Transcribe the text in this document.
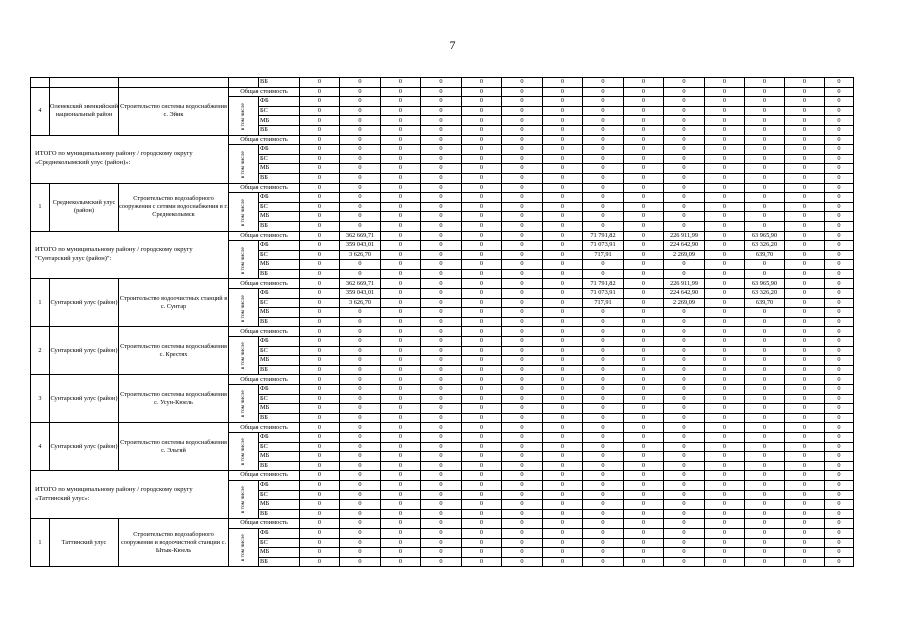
7
				ВБ	0	0	0	0	0	0	0	0	0	0	0	0	0	0
4	Оленекский эвенкийский национальный район	Строительство системы водоснабжения с. Эйик	Общая стоимость		0	0	0	0	0	0	0	0	0	0	0	0	0	0
			в том числе	ФБ	0	0	0	0	0	0	0	0	0	0	0	0	0	0
				БС	0	0	0	0	0	0	0	0	0	0	0	0	0	0
				МБ	0	0	0	0	0	0	0	0	0	0	0	0	0	0
				ВБ	0	0	0	0	0	0	0	0	0	0	0	0	0	0
ИТОГО по муниципальному району / городскому округу «Среднеколымский улус (район)»:			Общая стоимость		0	0	0	0	0	0	0	0	0	0	0	0	0	0
			в том числе	ФБ	0	0	0	0	0	0	0	0	0	0	0	0	0	0
				БС	0	0	0	0	0	0	0	0	0	0	0	0	0	0
				МБ	0	0	0	0	0	0	0	0	0	0	0	0	0	0
				ВБ	0	0	0	0	0	0	0	0	0	0	0	0	0	0
1	Среднеколымский улус (район)	Строительство водозаборного сооружения с сетями водоснабжения в г. Среднеколымск	Общая стоимость		0	0	0	0	0	0	0	0	0	0	0	0	0	0
			в том числе	ФБ	0	0	0	0	0	0	0	0	0	0	0	0	0	0
				БС	0	0	0	0	0	0	0	0	0	0	0	0	0	0
				МБ	0	0	0	0	0	0	0	0	0	0	0	0	0	0
				ВБ	0	0	0	0	0	0	0	0	0	0	0	0	0	0
ИТОГО по муниципальному району / городскому округу "Сунтарский улус (район)":			Общая стоимость		0	362 669,71	0	0	0	0	0	71 791,82	0	226 911,99	0	63 965,90	0	0
			в том числе	ФБ	0	359 043,01	0	0	0	0	0	71 073,91	0	224 642,90	0	63 326,20	0	0
				БС	0	3 626,70	0	0	0	0	0	717,91	0	2 269,09	0	639,70	0	0
				МБ	0	0	0	0	0	0	0	0	0	0	0	0	0	0
				ВБ	0	0	0	0	0	0	0	0	0	0	0	0	0	0
1	Сунтарский улус (район)	Строительство водоочистных станций в с. Сунтар	Общая стоимость		0	362 669,71	0	0	0	0	0	71 791,82	0	226 911,99	0	63 965,90	0	0
			в том числе	ФБ	0	359 043,01	0	0	0	0	0	71 073,91	0	224 642,90	0	63 326,20	0	0
				БС	0	3 626,70	0	0	0	0	0	717,91	0	2 269,09	0	639,70	0	0
				МБ	0	0	0	0	0	0	0	0	0	0	0	0	0	0
				ВБ	0	0	0	0	0	0	0	0	0	0	0	0	0	0
2	Сунтарский улус (район)	Строительство системы водоснабжения с. Крестях	Общая стоимость		0	0	0	0	0	0	0	0	0	0	0	0	0	0
			в том числе	ФБ	0	0	0	0	0	0	0	0	0	0	0	0	0	0
				БС	0	0	0	0	0	0	0	0	0	0	0	0	0	0
				МБ	0	0	0	0	0	0	0	0	0	0	0	0	0	0
				ВБ	0	0	0	0	0	0	0	0	0	0	0	0	0	0
3	Сунтарский улус (район)	Строительство системы водоснабжения с. Усун-Кюель	Общая стоимость		0	0	0	0	0	0	0	0	0	0	0	0	0	0
			в том числе	ФБ	0	0	0	0	0	0	0	0	0	0	0	0	0	0
				БС	0	0	0	0	0	0	0	0	0	0	0	0	0	0
				МБ	0	0	0	0	0	0	0	0	0	0	0	0	0	0
				ВБ	0	0	0	0	0	0	0	0	0	0	0	0	0	0
4	Сунтарский улус (район)	Строительство системы водоснабжения с. Эльгяй	Общая стоимость		0	0	0	0	0	0	0	0	0	0	0	0	0	0
			в том числе	ФБ	0	0	0	0	0	0	0	0	0	0	0	0	0	0
				БС	0	0	0	0	0	0	0	0	0	0	0	0	0	0
				МБ	0	0	0	0	0	0	0	0	0	0	0	0	0	0
				ВБ	0	0	0	0	0	0	0	0	0	0	0	0	0	0
ИТОГО по муниципальному району / городскому округу «Таттинский улус»:			Общая стоимость		0	0	0	0	0	0	0	0	0	0	0	0	0	0
			в том числе	ФБ	0	0	0	0	0	0	0	0	0	0	0	0	0	0
				БС	0	0	0	0	0	0	0	0	0	0	0	0	0	0
				МБ	0	0	0	0	0	0	0	0	0	0	0	0	0	0
				ВБ	0	0	0	0	0	0	0	0	0	0	0	0	0	0
1	Таттинский улус	Строительство водозаборного сооружения и водоочистной станции с. Ытык-Кюель	Общая стоимость		0	0	0	0	0	0	0	0	0	0	0	0	0	0
			в том числе	ФБ	0	0	0	0	0	0	0	0	0	0	0	0	0	0
				БС	0	0	0	0	0	0	0	0	0	0	0	0	0	0
				МБ	0	0	0	0	0	0	0	0	0	0	0	0	0	0
				ВБ	0	0	0	0	0	0	0	0	0	0	0	0	0	0
